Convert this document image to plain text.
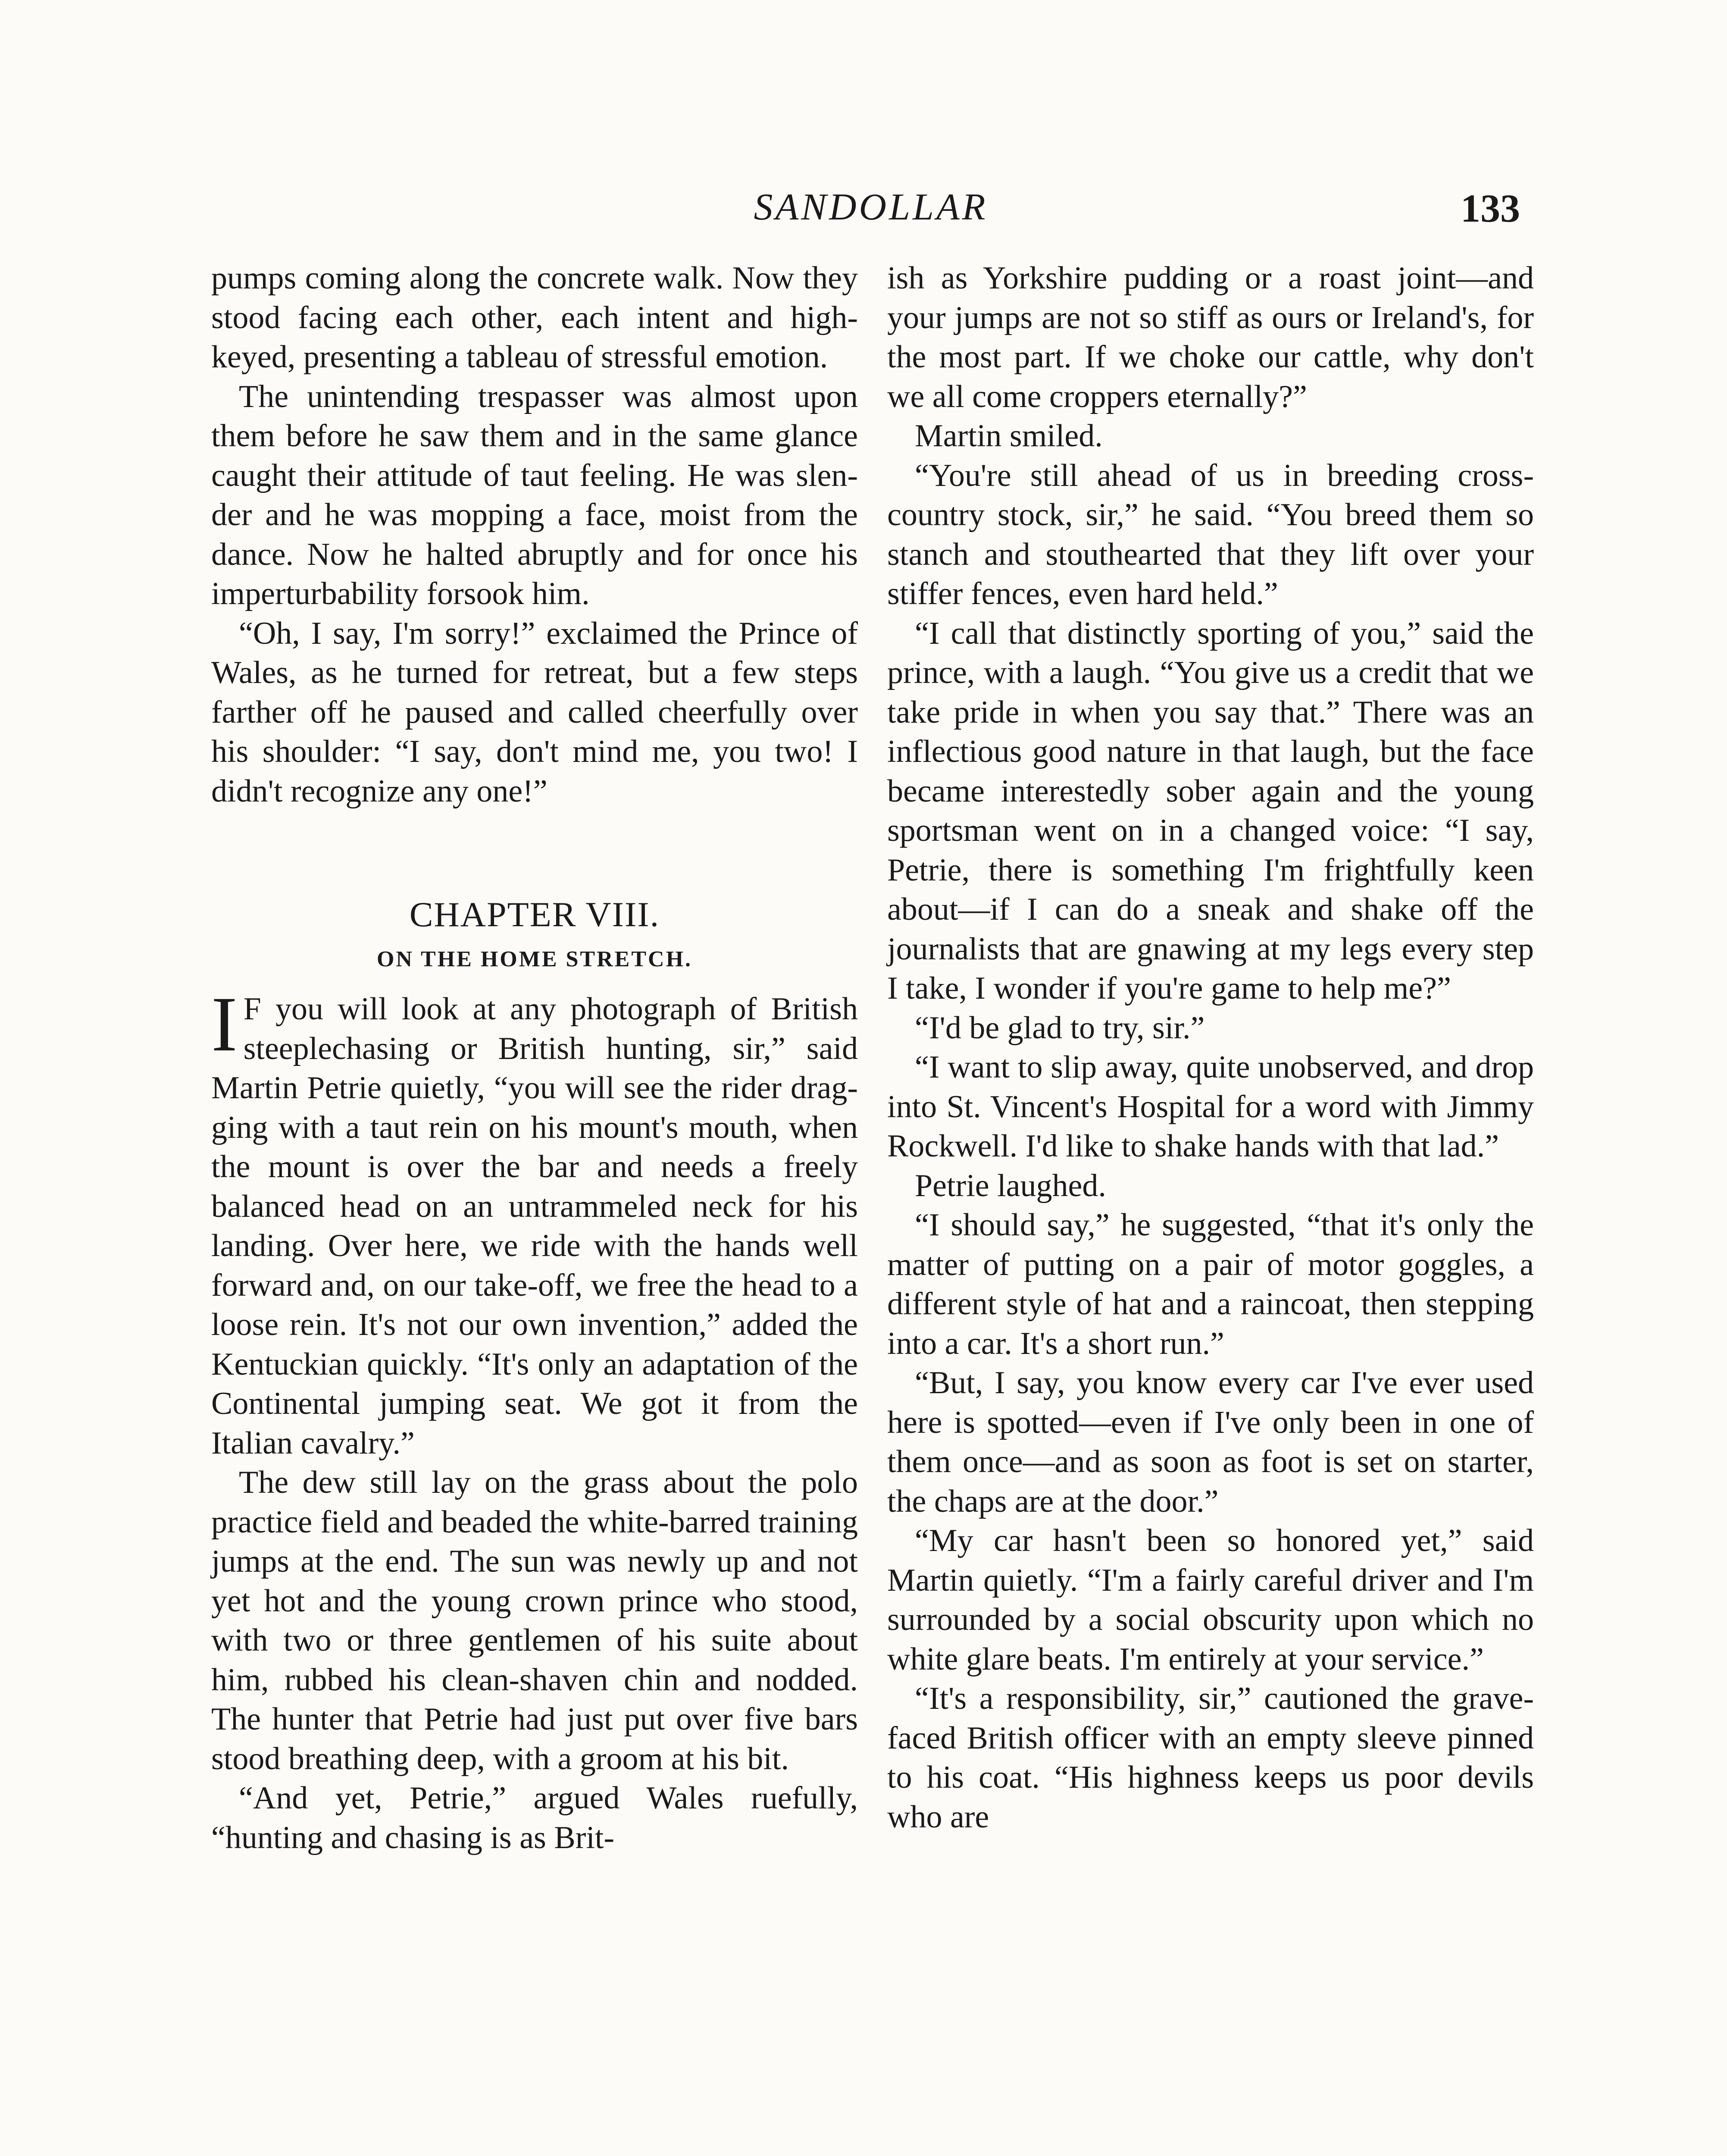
SANDOLLAR	133

pumps coming along the concrete walk. Now they stood facing each other, each intent and high-keyed, presenting a tableau of stressful emotion.

The unintending trespasser was almost upon them before he saw them and in the same glance caught their attitude of taut feeling. He was slender and he was mopping a face, moist from the dance. Now he halted abruptly and for once his imperturbability forsook him.

“Oh, I say, I'm sorry!” exclaimed the Prince of Wales, as he turned for retreat, but a few steps farther off he paused and called cheerfully over his shoulder: “I say, don't mind me, you two! I didn't recognize any one!”

CHAPTER VIII.
ON THE HOME STRETCH.

I F you will look at any photograph of British steeplechasing or British hunting, sir,” said Martin Petrie quietly, “you will see the rider dragging with a taut rein on his mount's mouth, when the mount is over the bar and needs a freely balanced head on an untrammeled neck for his landing. Over here, we ride with the hands well forward and, on our take-off, we free the head to a loose rein. It's not our own invention,” added the Kentuckian quickly. “It's only an adaptation of the Continental jumping seat. We got it from the Italian cavalry.”

The dew still lay on the grass about the polo practice field and beaded the white-barred training jumps at the end. The sun was newly up and not yet hot and the young crown prince who stood, with two or three gentlemen of his suite about him, rubbed his clean-shaven chin and nodded. The hunter that Petrie had just put over five bars stood breathing deep, with a groom at his bit.

“And yet, Petrie,” argued Wales ruefully, “hunting and chasing is as Brit-

ish as Yorkshire pudding or a roast joint—and your jumps are not so stiff as ours or Ireland's, for the most part. If we choke our cattle, why don't we all come croppers eternally?”

Martin smiled.

“You're still ahead of us in breeding cross-country stock, sir,” he said. “You breed them so stanch and stouthearted that they lift over your stiffer fences, even hard held.”

“I call that distinctly sporting of you,” said the prince, with a laugh. “You give us a credit that we take pride in when you say that.” There was an inflectious good nature in that laugh, but the face became interestedly sober again and the young sportsman went on in a changed voice: “I say, Petrie, there is something I'm frightfully keen about—if I can do a sneak and shake off the journalists that are gnawing at my legs every step I take, I wonder if you're game to help me?”

“I'd be glad to try, sir.”

“I want to slip away, quite unobserved, and drop into St. Vincent's Hospital for a word with Jimmy Rockwell. I'd like to shake hands with that lad.”

Petrie laughed.

“I should say,” he suggested, “that it's only the matter of putting on a pair of motor goggles, a different style of hat and a raincoat, then stepping into a car. It's a short run.”

“But, I say, you know every car I've ever used here is spotted—even if I've only been in one of them once—and as soon as foot is set on starter, the chaps are at the door.”

“My car hasn't been so honored yet,” said Martin quietly. “I'm a fairly careful driver and I'm surrounded by a social obscurity upon which no white glare beats. I'm entirely at your service.”

“It's a responsibility, sir,” cautioned the grave-faced British officer with an empty sleeve pinned to his coat. “His highness keeps us poor devils who are
